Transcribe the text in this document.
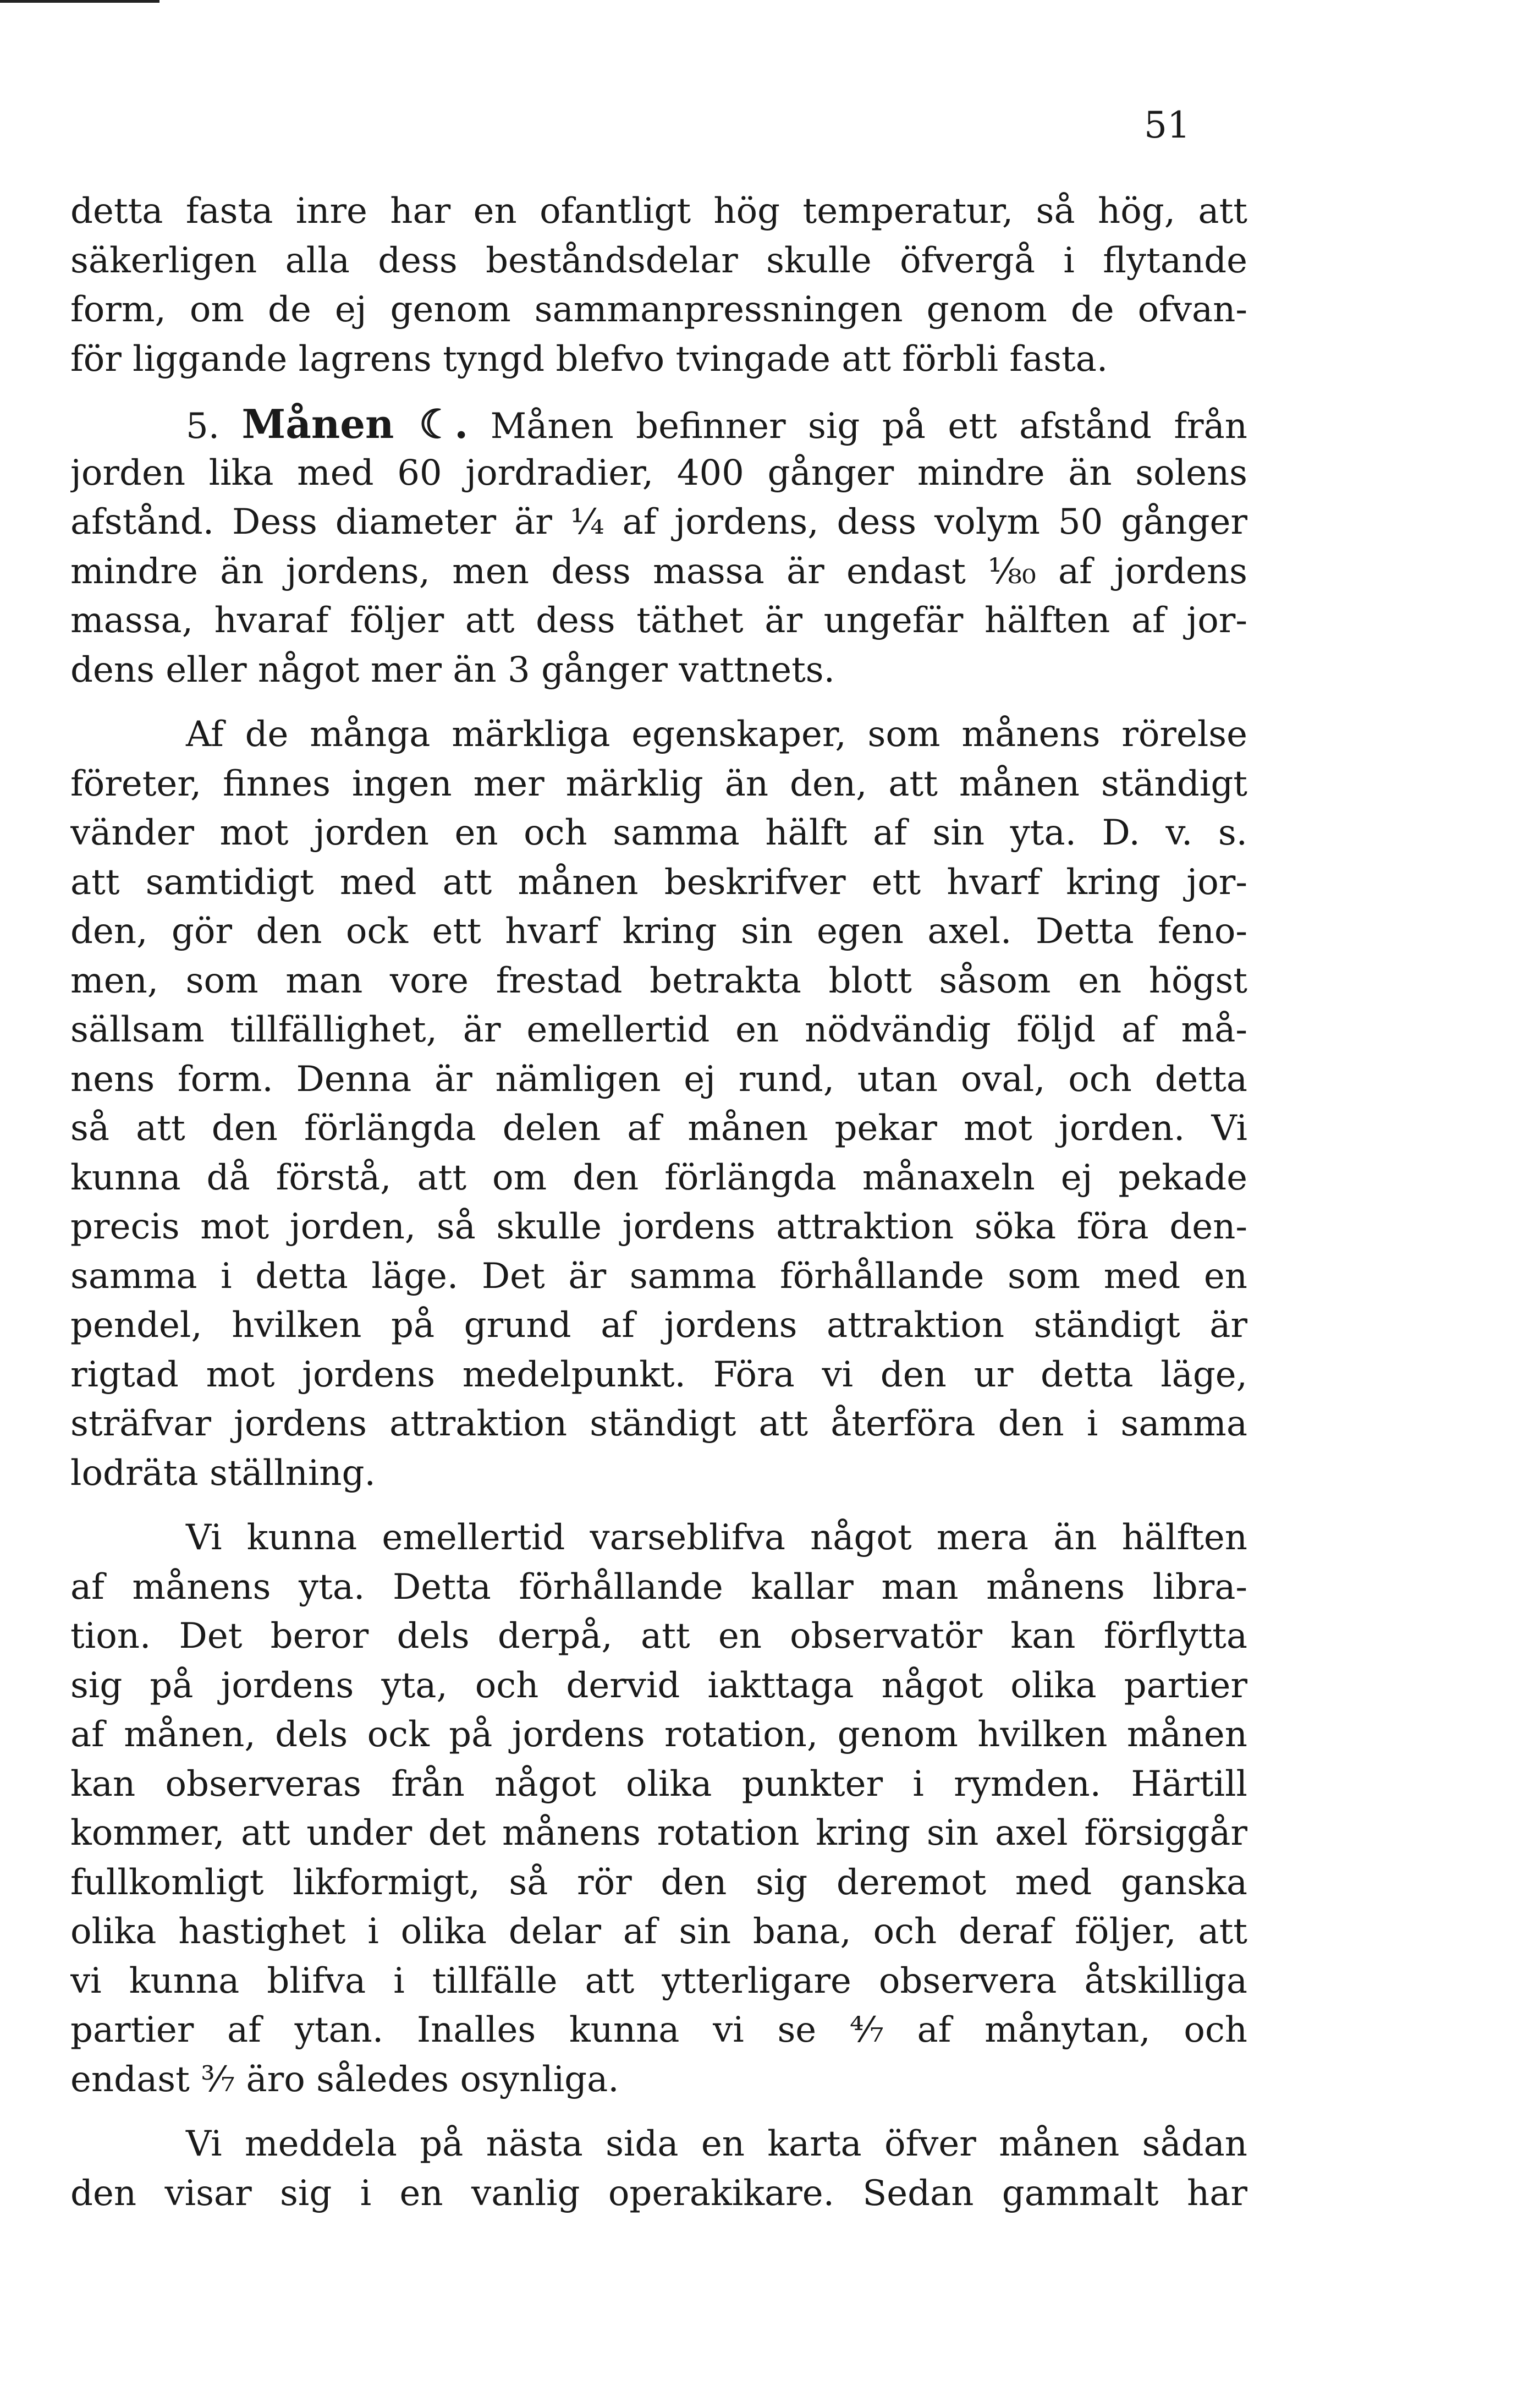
51
detta fasta inre har en ofantligt hög temperatur, så hög, att
säkerligen alla dess beståndsdelar skulle öfvergå i flytande
form, om de ej genom sammanpressningen genom de ofvan-
för liggande lagrens tyngd blefvo tvingade att förbli fasta.
5. Månen ☾. Månen befinner sig på ett afstånd från
jorden lika med 60 jordradier, 400 gånger mindre än solens
afstånd. Dess diameter är ¼ af jordens, dess volym 50 gånger
mindre än jordens, men dess massa är endast ¹⁄₈₀ af jordens
massa, hvaraf följer att dess täthet är ungefär hälften af jor-
dens eller något mer än 3 gånger vattnets.
Af de många märkliga egenskaper, som månens rörelse
företer, finnes ingen mer märklig än den, att månen ständigt
vänder mot jorden en och samma hälft af sin yta. D. v. s.
att samtidigt med att månen beskrifver ett hvarf kring jor-
den, gör den ock ett hvarf kring sin egen axel. Detta feno-
men, som man vore frestad betrakta blott såsom en högst
sällsam tillfällighet, är emellertid en nödvändig följd af må-
nens form. Denna är nämligen ej rund, utan oval, och detta
så att den förlängda delen af månen pekar mot jorden. Vi
kunna då förstå, att om den förlängda månaxeln ej pekade
precis mot jorden, så skulle jordens attraktion söka föra den-
samma i detta läge. Det är samma förhållande som med en
pendel, hvilken på grund af jordens attraktion ständigt är
rigtad mot jordens medelpunkt. Föra vi den ur detta läge,
sträfvar jordens attraktion ständigt att återföra den i samma
lodräta ställning.
Vi kunna emellertid varseblifva något mera än hälften
af månens yta. Detta förhållande kallar man månens libra-
tion. Det beror dels derpå, att en observatör kan förflytta
sig på jordens yta, och dervid iakttaga något olika partier
af månen, dels ock på jordens rotation, genom hvilken månen
kan observeras från något olika punkter i rymden. Härtill
kommer, att under det månens rotation kring sin axel försiggår
fullkomligt likformigt, så rör den sig deremot med ganska
olika hastighet i olika delar af sin bana, och deraf följer, att
vi kunna blifva i tillfälle att ytterligare observera åtskilliga
partier af ytan. Inalles kunna vi se ⁴⁄₇ af månytan, och
endast ³⁄₇ äro således osynliga.
Vi meddela på nästa sida en karta öfver månen sådan
den visar sig i en vanlig operakikare. Sedan gammalt har
